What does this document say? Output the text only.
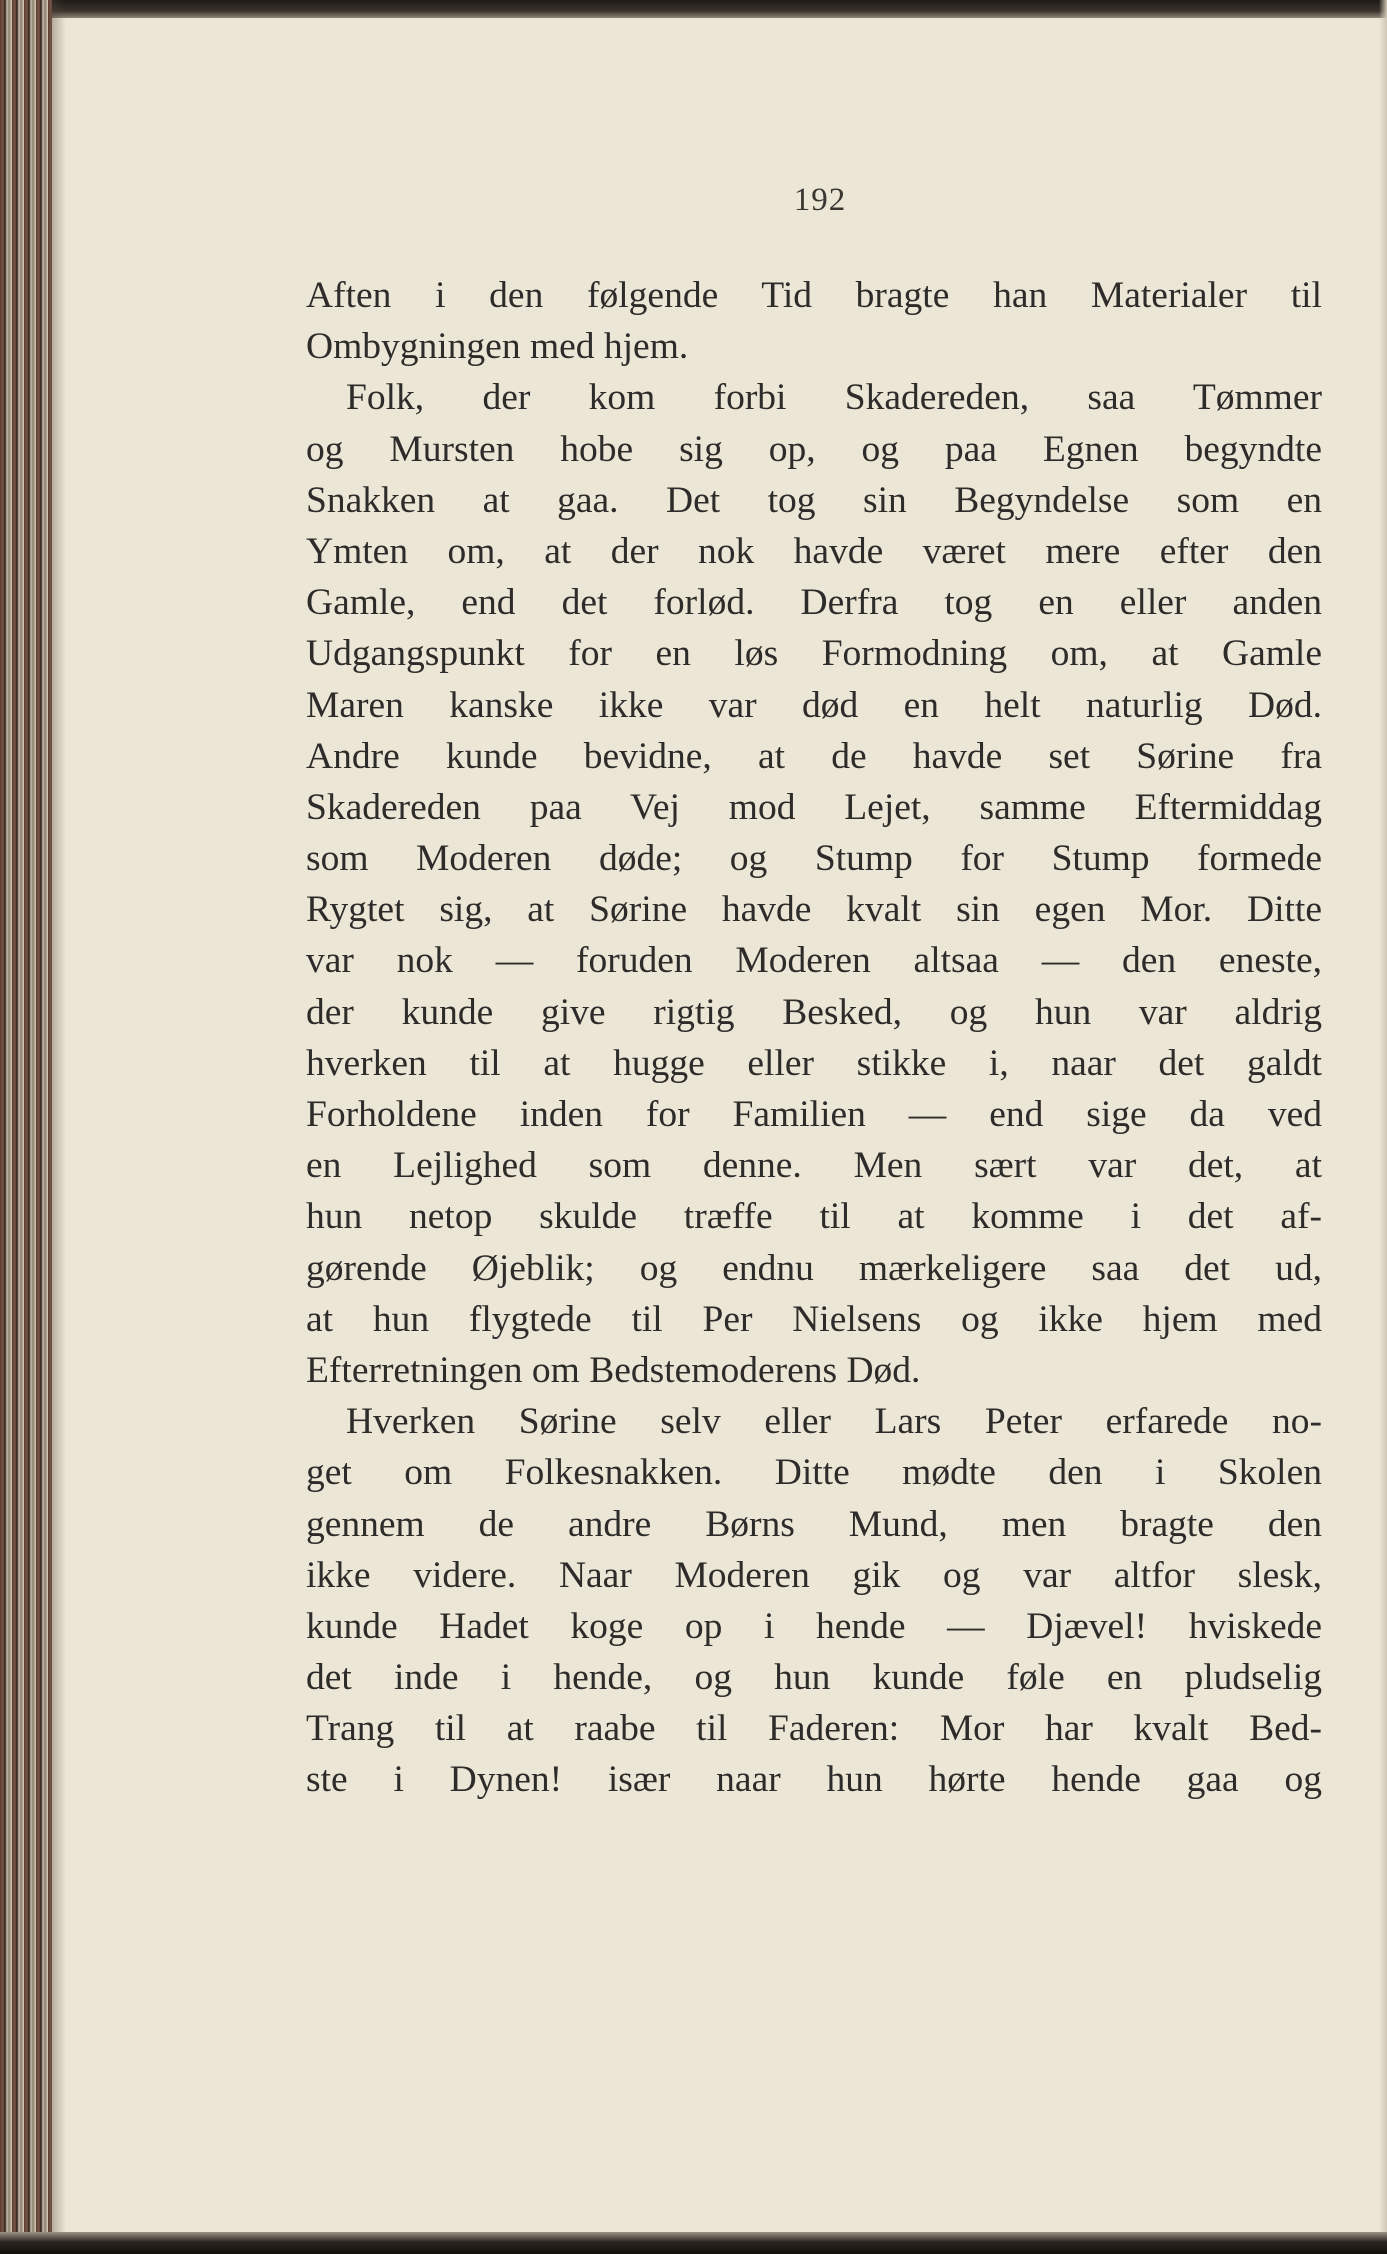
192
Aften i den følgende Tid bragte han Materialer til
Ombygningen med hjem.
Folk, der kom forbi Skadereden, saa Tømmer
og Mursten hobe sig op, og paa Egnen begyndte
Snakken at gaa. Det tog sin Begyndelse som en
Ymten om, at der nok havde været mere efter den
Gamle, end det forlød. Derfra tog en eller anden
Udgangspunkt for en løs Formodning om, at Gamle
Maren kanske ikke var død en helt naturlig Død.
Andre kunde bevidne, at de havde set Sørine fra
Skadereden paa Vej mod Lejet, samme Eftermiddag
som Moderen døde; og Stump for Stump formede
Rygtet sig, at Sørine havde kvalt sin egen Mor. Ditte
var nok — foruden Moderen altsaa — den eneste,
der kunde give rigtig Besked, og hun var aldrig
hverken til at hugge eller stikke i, naar det galdt
Forholdene inden for Familien — end sige da ved
en Lejlighed som denne. Men sært var det, at
hun netop skulde træffe til at komme i det af-
gørende Øjeblik; og endnu mærkeligere saa det ud,
at hun flygtede til Per Nielsens og ikke hjem med
Efterretningen om Bedstemoderens Død.
Hverken Sørine selv eller Lars Peter erfarede no-
get om Folkesnakken. Ditte mødte den i Skolen
gennem de andre Børns Mund, men bragte den
ikke videre. Naar Moderen gik og var altfor slesk,
kunde Hadet koge op i hende — Djævel! hviskede
det inde i hende, og hun kunde føle en pludselig
Trang til at raabe til Faderen: Mor har kvalt Bed-
ste i Dynen! især naar hun hørte hende gaa og
